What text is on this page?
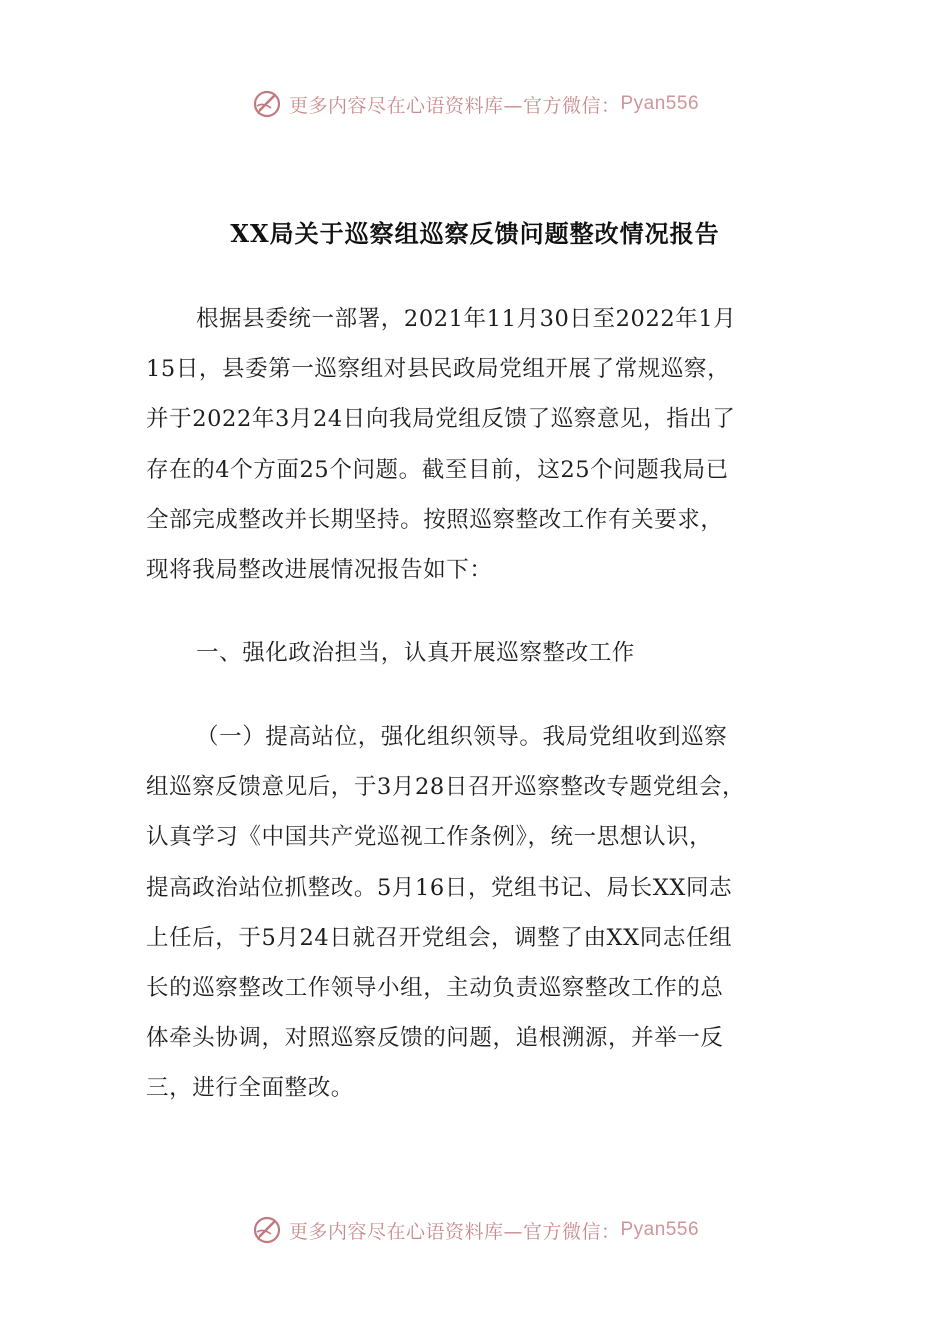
更多内容尽在心语资料库—官方微信： Pyan556
XX局关于巡察组巡察反馈问题整改情况报告

根据县委统一部署，2021年11月30日至2022年1月
15日，县委第一巡察组对县民政局党组开展了常规巡察，
并于2022年3月24日向我局党组反馈了巡察意见，指出了
存在的4个方面25个问题。截至目前，这25个问题我局已
全部完成整改并长期坚持。按照巡察整改工作有关要求，
现将我局整改进展情况报告如下：

一、强化政治担当，认真开展巡察整改工作

（一）提高站位，强化组织领导。我局党组收到巡察
组巡察反馈意见后，于3月28日召开巡察整改专题党组会，
认真学习《中国共产党巡视工作条例》，统一思想认识，
提高政治站位抓整改。5月16日，党组书记、局长XX同志
上任后，于5月24日就召开党组会，调整了由XX同志任组
长的巡察整改工作领导小组，主动负责巡察整改工作的总
体牵头协调，对照巡察反馈的问题，追根溯源，并举一反
三，进行全面整改。

更多内容尽在心语资料库—官方微信： Pyan556
